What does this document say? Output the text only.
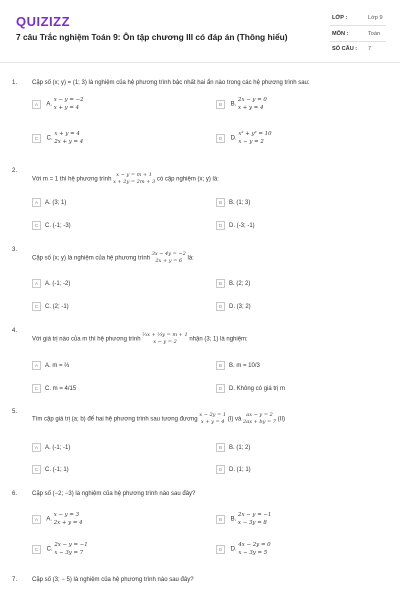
QUIZIZZ
7 câu Trắc nghiệm Toán 9: Ôn tập chương III có đáp án (Thông hiểu)
LỚP :	Lớp 9
MÔN :	Toán
SỐ CÂU : 7
1. Cặp số (x; y) = (1; 3) là nghiệm của hệ phương trình bậc nhất hai ẩn nào trong các hệ phương trình sau:
A A.
x − y = −2
x + y = 4
B B.
2x − y = 0
x + y = 4
C C.
x + y = 4
2x + y = 4
D D.
x² + y² = 10
x − y = 2
2.
Với m = 1 thì hệ phương trình
x − y = m + 1
x + 2y = 2m + 3 có cặp nghiệm (x; y) là:
A A. (3; 1)	B B. (1; 3)
C C. (-1; -3)	D D. (-3; -1)
3.
Cặp số (x; y) là nghiệm của hệ phương trình
3x − 4y = −2
2x + y = 6 là:
A A. (-1; -2)	B B. (2; 2)
C C. (2; -1)	D D. (3; 2)
4.
Với giá trị nào của m thì hệ phương trình
⅔x + ⅓y = m + 1
x − y = 2	nhận (3; 1) là nghiệm:
A A. m = ⅔	B B. m = 10/3
C C. m = 4/15	D D. Không có giá trị m
5.
Tìm cặp giá trị (a; b) để hai hệ phương trình sau tương đương
x − 2y = 1
x + y = 4 (I) và
ax − y = 2
2ax + by = 7 (II)
A A. (-1; -1)	B B. (1; 2)
C C. (-1; 1)	D D. (1; 1)
6. Cặp số (−2; −3) là nghiệm của hệ phương trình nào sau đây?
A A.
x − y = 3
2x + y = 4
B B.
2x − y = −1
x − 3y = 8
C C.
2x − y = −1
x − 3y = 7
D D.
4x − 2y = 0
x − 3y = 5
7. Cặp số (3; − 5) là nghiệm của hệ phương trình nào sau đây?
